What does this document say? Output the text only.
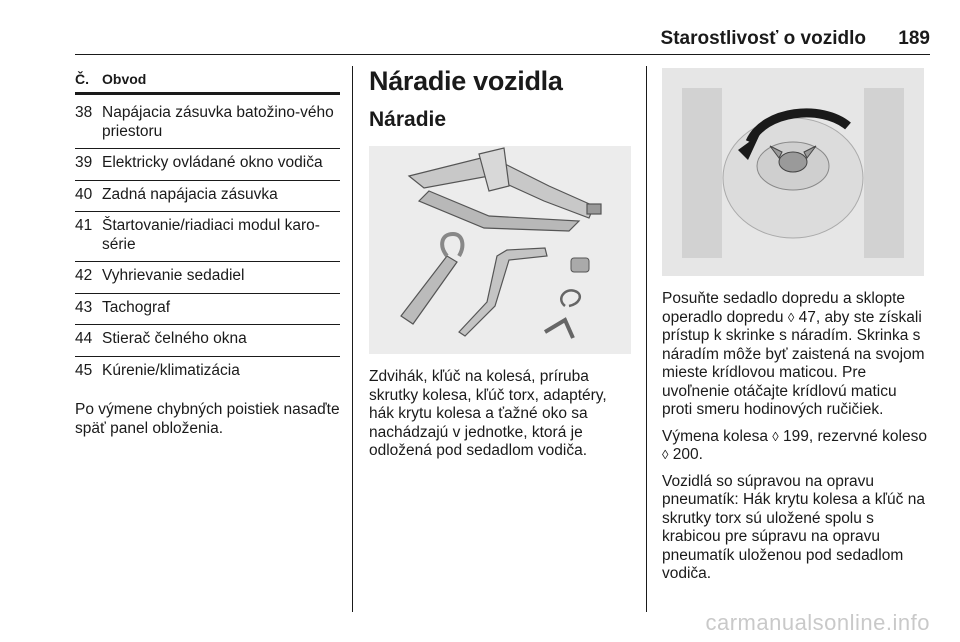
Starostlivosť o vozidlo 189
Č. Obvod
38 Napájacia zásuvka batožino-vého priestoru
39 Elektricky ovládané okno vodiča
40 Zadná napájacia zásuvka
41 Štartovanie/riadiaci modul karo-série
42 Vyhrievanie sedadiel
43 Tachograf
44 Stierač čelného okna
45 Kúrenie/klimatizácia
Po výmene chybných poistiek nasaďte späť panel obloženia.
Náradie vozidla
Náradie
Zdvihák, kľúč na kolesá, príruba skrutky kolesa, kľúč torx, adaptéry, hák krytu kolesa a ťažné oko sa nachádzajú v jednotke, ktorá je odložená pod sedadlom vodiča.
Posuňte sedadlo dopredu a sklopte operadlo dopredu ◊ 47, aby ste získali prístup k skrinke s náradím. Skrinka s náradím môže byť zaistená na svojom mieste krídlovou maticou. Pre uvoľnenie otáčajte krídlovú maticu proti smeru hodinových ručičiek.
Výmena kolesa ◊ 199, rezervné koleso ◊ 200.
Vozidlá so súpravou na opravu pneumatík: Hák krytu kolesa a kľúč na skrutky torx sú uložené spolu s krabicou pre súpravu na opravu pneumatík uloženou pod sedadlom vodiča.
carmanualsonline.info
